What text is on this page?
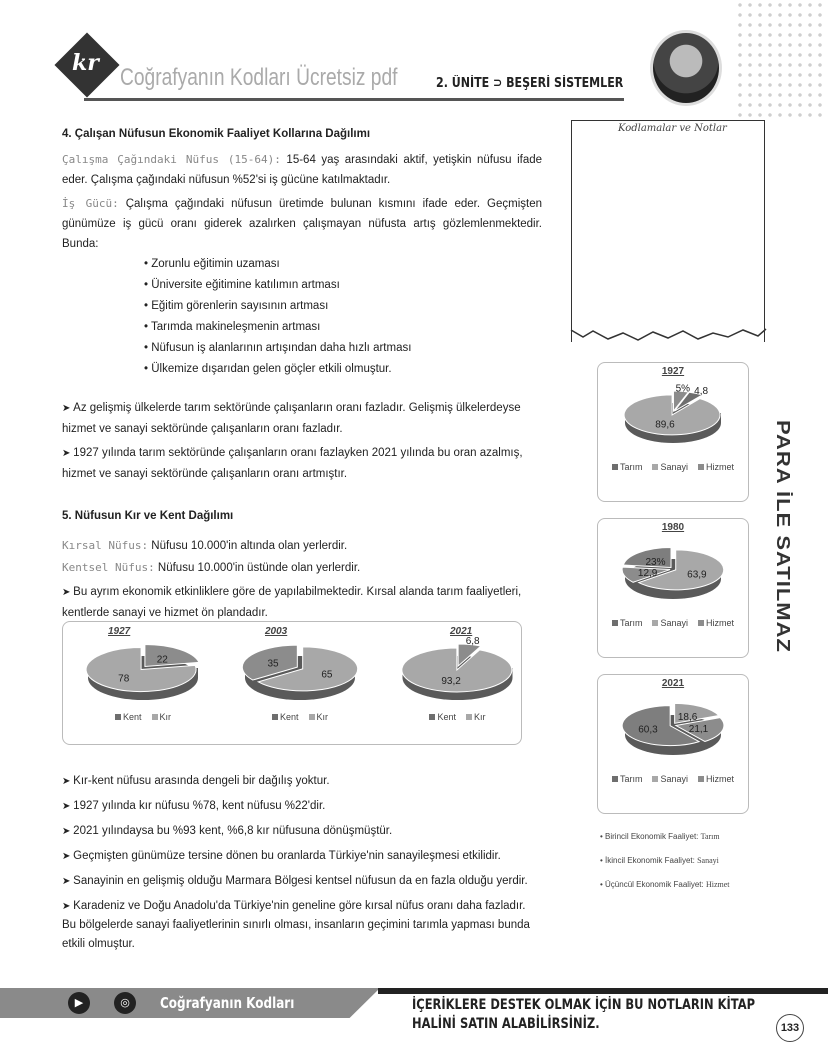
kr
Coğrafyanın Kodları Ücretsiz pdf	2. ÜNİTE ⊃ BEŞERİ SİSTEMLER
Kodlamalar ve Notlar
PARA İLE SATILMAZ
4. Çalışan Nüfusun Ekonomik Faaliyet Kollarına Dağılımı

Çalışma Çağındaki Nüfus (15-64): 15-64 yaş arasındaki aktif, yetişkin nüfusu ifade eder. Çalışma çağındaki nüfusun %52'si iş gücüne katılmaktadır.

İş Gücü: Çalışma çağındaki nüfusun üretimde bulunan kısmını ifade eder. Geçmişten günümüze iş gücü oranı giderek azalırken çalışmayan nüfusta artış gözlemlenmektedir. Bunda:

• Zorunlu eğitimin uzaması
• Üniversite eğitimine katılımın artması
• Eğitim görenlerin sayısının artması
• Tarımda makineleşmenin artması
• Nüfusun iş alanlarının artışından daha hızlı artması
• Ülkemize dışarıdan gelen göçler etkili olmuştur.

➤ Az gelişmiş ülkelerde tarım sektöründe çalışanların oranı fazladır. Gelişmiş ülkelerdeyse hizmet ve sanayi sektöründe çalışanların oranı fazladır.

➤ 1927 yılında tarım sektöründe çalışanların oranı fazlayken 2021 yılında bu oran azalmış, hizmet ve sanayi sektöründe çalışanların oranı artmıştır.

5. Nüfusun Kır ve Kent Dağılımı

Kırsal Nüfus: Nüfusu 10.000'in altında olan yerlerdir.

Kentsel Nüfus: Nüfusu 10.000'in üstünde olan yerlerdir.

➤ Bu ayrım ekonomik etkinliklere göre de yapılabilmektedir. Kırsal alanda tarım faaliyetleri, kentlerde sanayi ve hizmet ön plandadır.

1927
22
78
Kent Kır
2003
65
35
Kent Kır
2021
6,8
93,2
Kent Kır
1927
5% 4,8
89,6
Tarım Sanayi Hizmet
1980
63,9
12,9
23%
Tarım Sanayi Hizmet
2021
18,6
21,1
60,3
Tarım Sanayi Hizmet
• Birincil Ekonomik Faaliyet: Tarım
• İkincil Ekonomik Faaliyet: Sanayi
• Üçüncül Ekonomik Faaliyet: Hizmet

➤ Kır-kent nüfusu arasında dengeli bir dağılış yoktur.

➤ 1927 yılında kır nüfusu %78, kent nüfusu %22'dir.

➤ 2021 yılındaysa bu %93 kent, %6,8 kır nüfusuna dönüşmüştür.

➤ Geçmişten günümüze tersine dönen bu oranlarda Türkiye'nin sanayileşmesi etkilidir.

➤ Sanayinin en gelişmiş olduğu Marmara Bölgesi kentsel nüfusun da en fazla olduğu yerdir.

➤ Karadeniz ve Doğu Anadolu'da Türkiye'nin geneline göre kırsal nüfus oranı daha fazladır. Bu bölgelerde sanayi faaliyetlerinin sınırlı olması, insanların geçimini tarımla yapması bunda etkili olmuştur.

▶	◎	Coğrafyanın Kodları	İÇERİKLERE DESTEK OLMAK İÇİN BU NOTLARIN KİTAP HALİNİ SATIN ALABİLİRSİNİZ.	133
